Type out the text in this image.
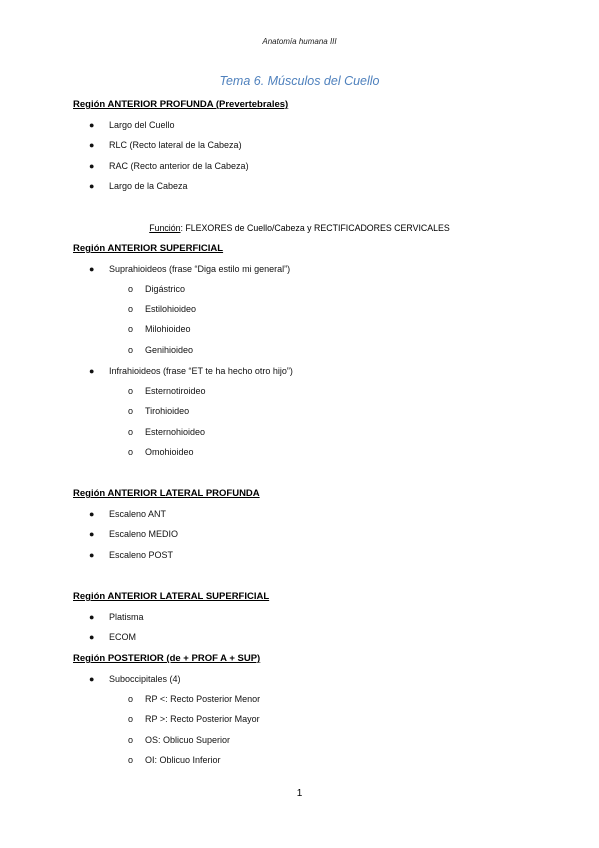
Anatomía humana III
Tema 6. Músculos del Cuello
Región ANTERIOR PROFUNDA (Prevertebrales)
● Largo del Cuello
● RLC (Recto lateral de la Cabeza)
● RAC (Recto anterior de la Cabeza)
● Largo de la Cabeza
Función: FLEXORES de Cuello/Cabeza y RECTIFICADORES CERVICALES
Región ANTERIOR SUPERFICIAL
● Suprahioideos (frase “Diga estilo mi general”)
o Digástrico
o Estilohioideo
o Milohioideo
o Genihioideo
● Infrahioideos (frase “ET te ha hecho otro hijo”)
o Esternotiroideo
o Tirohioideo
o Esternohioideo
o Omohioideo
Región ANTERIOR LATERAL PROFUNDA
● Escaleno ANT
● Escaleno MEDIO
● Escaleno POST
Región ANTERIOR LATERAL SUPERFICIAL
● Platisma
● ECOM
Región POSTERIOR (de + PROF A + SUP)
● Suboccipitales (4)
o RP <: Recto Posterior Menor
o RP >: Recto Posterior Mayor
o OS: Oblicuo Superior
o OI: Oblicuo Inferior
1
